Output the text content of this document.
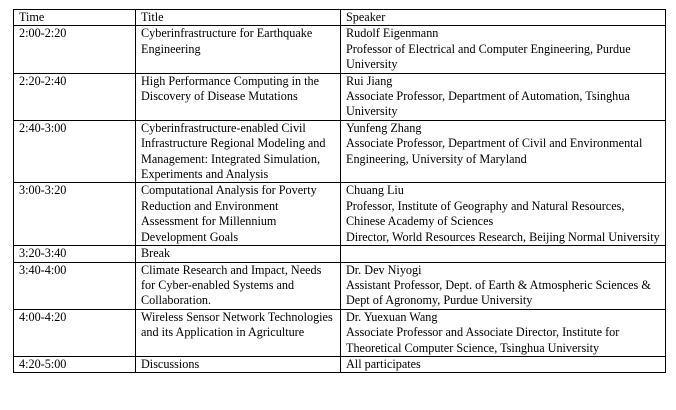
Time	Title	Speaker
2:00-2:20	Cyberinfrastructure for Earthquake Engineering	Rudolf Eigenmann
Professor of Electrical and Computer Engineering, Purdue University

2:20-2:40	High Performance Computing in the Discovery of Disease Mutations	Rui Jiang
Associate Professor, Department of Automation, Tsinghua University

2:40-3:00	Cyberinfrastructure-enabled Civil Infrastructure Regional Modeling and Management: Integrated Simulation, Experiments and Analysis	Yunfeng Zhang
Associate Professor, Department of Civil and Environmental Engineering, University of Maryland

3:00-3:20	Computational Analysis for Poverty Reduction and Environment Assessment for Millennium Development Goals	Chuang Liu
Professor, Institute of Geography and Natural Resources, Chinese Academy of Sciences
Director, World Resources Research, Beijing Normal University

3:20-3:40	Break	
3:40-4:00	Climate Research and Impact, Needs for Cyber-enabled Systems and Collaboration.	Dr. Dev Niyogi
Assistant Professor, Dept. of Earth & Atmospheric Sciences & Dept of Agronomy, Purdue University

4:00-4:20	Wireless Sensor Network Technologies and its Application in Agriculture	Dr. Yuexuan Wang
Associate Professor and Associate Director, Institute for Theoretical Computer Science, Tsinghua University

4:20-5:00	Discussions	All participates
